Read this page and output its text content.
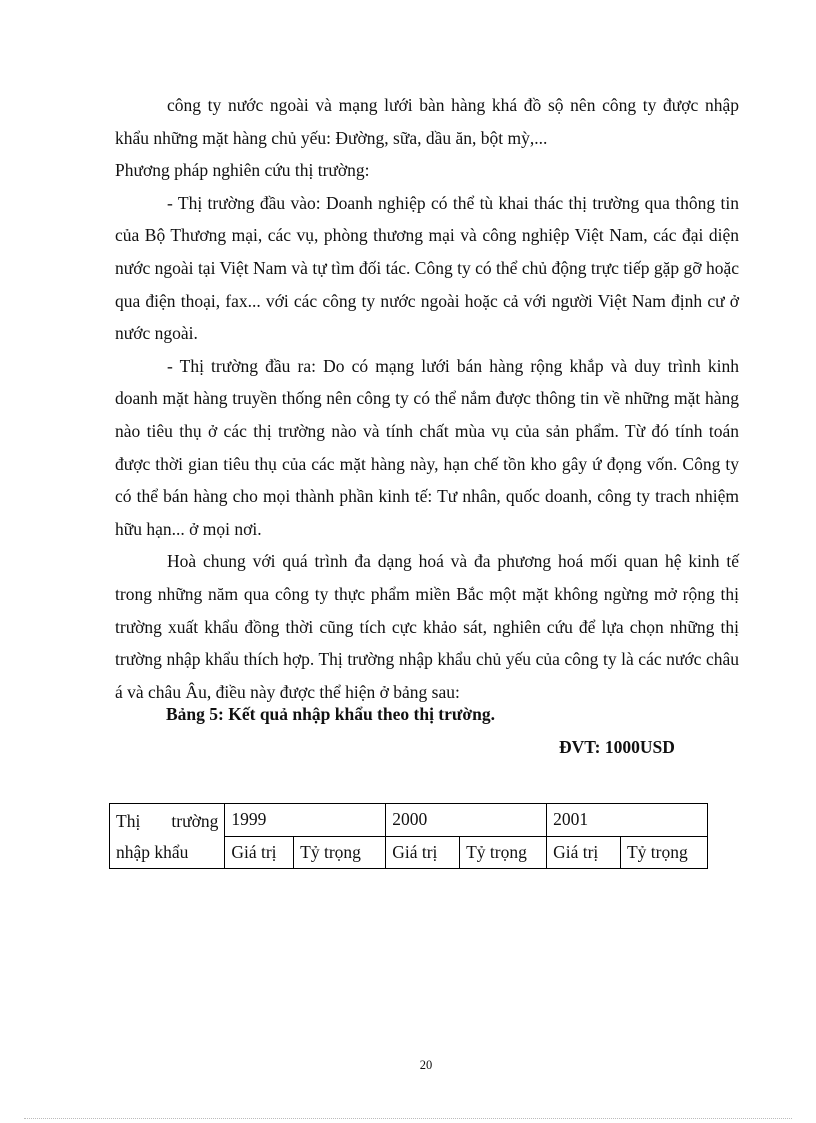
công ty nước ngoài và mạng lưới bàn hàng khá đồ sộ nên công ty được nhập khẩu những mặt hàng chủ yếu: Đường, sữa, dầu ăn, bột mỳ,...

Phương pháp nghiên cứu thị trường:

- Thị trường đầu vào: Doanh nghiệp có thể tù khai thác thị trường qua thông tin của Bộ Thương mại, các vụ, phòng thương mại và công nghiệp Việt Nam, các đại diện nước ngoài tại Việt Nam và tự tìm đối tác. Công ty có thể chủ động trực tiếp gặp gỡ hoặc qua điện thoại, fax... với các công ty nước ngoài hoặc cả với người Việt Nam định cư ở nước ngoài.

- Thị trường đầu ra: Do có mạng lưới bán hàng rộng khắp và duy trình kinh doanh mặt hàng truyền thống nên công ty có thể nắm được thông tin về những mặt hàng nào tiêu thụ ở các thị trường nào và tính chất mùa vụ của sản phẩm. Từ đó tính toán được thời gian tiêu thụ của các mặt hàng này, hạn chế tồn kho gây ứ đọng vốn. Công ty có thể bán hàng cho mọi thành phần kinh tế: Tư nhân, quốc doanh, công ty trach nhiệm hữu hạn... ở mọi nơi.

Hoà chung với quá trình đa dạng hoá và đa phương hoá mối quan hệ kinh tế trong những năm qua công ty thực phẩm miền Bắc một mặt không ngừng mở rộng thị trường xuất khẩu đồng thời cũng tích cực khảo sát, nghiên cứu để lựa chọn những thị trường nhập khẩu thích hợp. Thị trường nhập khẩu chủ yếu của công ty là các nước châu á và châu Âu, điều này được thể hiện ở bảng sau:

Bảng 5: Kết quả nhập khẩu theo thị trường.
ĐVT: 1000USD
Thị trường
nhập khẩu	1999		2000		2001	
	Giá trị	Tỷ trọng	Giá trị	Tỷ trọng	Giá trị	Tỷ trọng
20
